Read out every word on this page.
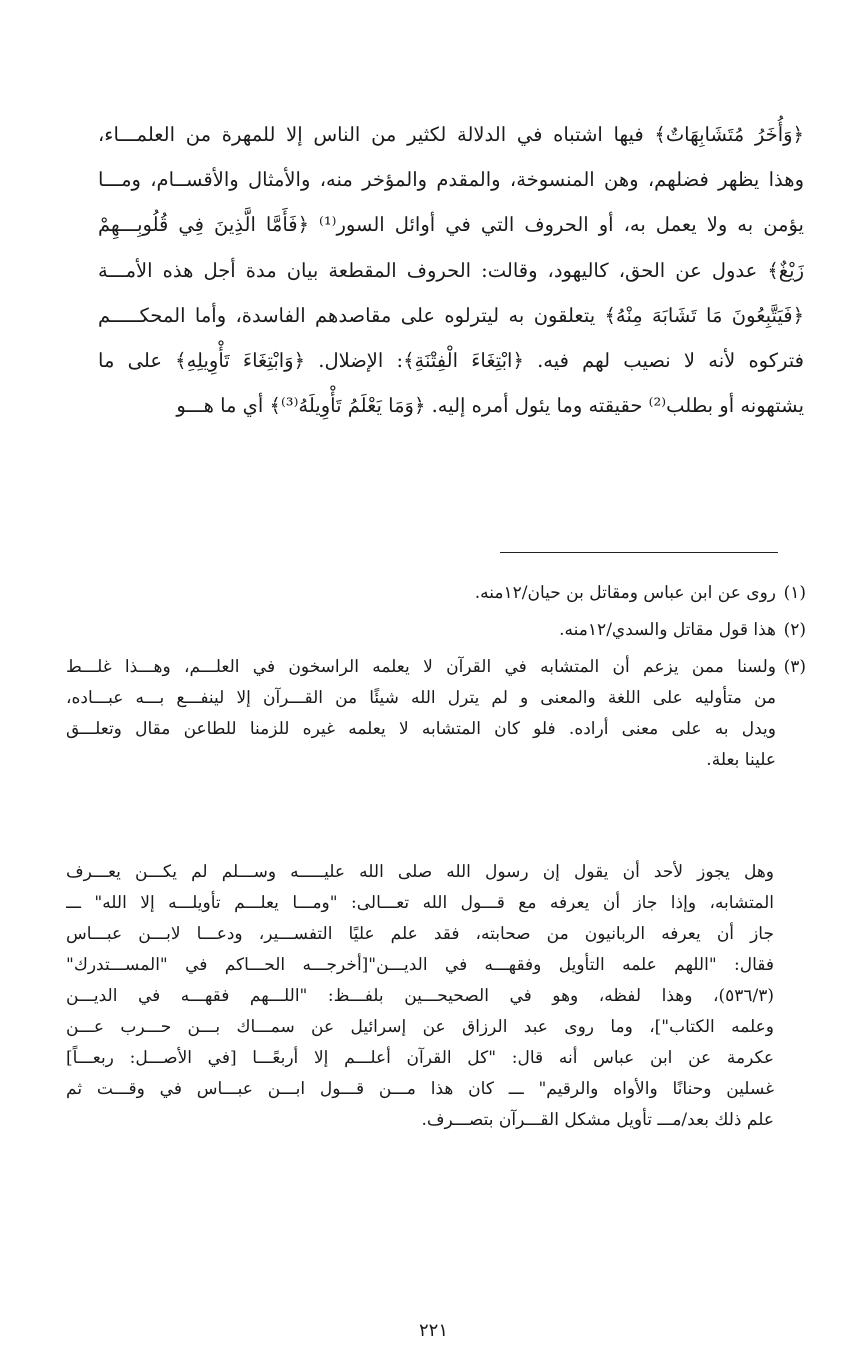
﴿وَأُخَرُ مُتَشَابِهَاتٌ﴾ فيها اشتباه في الدلالة لكثير من الناس إلا للمهرة من العلمـــاء،
وهذا يظهر فضلهم، وهن المنسوخة، والمقدم والمؤخر منه، والأمثال والأقســام، ومـــا
يؤمن به ولا يعمل به، أو الحروف التي في أوائل السور⁽¹⁾ ﴿فَأَمَّا الَّذِينَ فِي قُلُوبِـــهِمْ
زَيْغٌ﴾ عدول عن الحق، كاليهود، وقالت: الحروف المقطعة بيان مدة أجل هذه الأمـــة
﴿فَيَتَّبِعُونَ مَا تَشَابَهَ مِنْهُ﴾ يتعلقون به ليترلوه على مقاصدهم الفاسدة، وأما المحكـــــم
فتركوه لأنه لا نصيب لهم فيه. ﴿ابْتِغَاءَ الْفِتْنَةِ﴾: الإضلال. ﴿وَابْتِغَاءَ تَأْوِيلِهِ﴾ على ما
يشتهونه أو بطلب⁽²⁾ حقيقته وما يئول أمره إليه. ﴿وَمَا يَعْلَمُ تَأْوِيلَهُ⁽³⁾﴾ أي ما هـــو
(١)روى عن ابن عباس ومقاتل بن حيان/١٢منه.
(٢)هذا قول مقاتل والسدي/١٢منه.
(٣)ولسنا ممن يزعم أن المتشابه في القرآن لا يعلمه الراسخون في العلـــم، وهـــذا غلـــط
من متأوليه على اللغة والمعنى و لم يترل الله شيئًا من القـــرآن إلا لينفـــع بـــه عبـــاده،
ويدل به على معنى أراده. فلو كان المتشابه لا يعلمه غيره للزمنا للطاعن مقال وتعلـــق
علينا بعلة.
وهل يجوز لأحد أن يقول إن رسول الله صلى الله عليـــــه وســـلم لم يكـــن يعـــرف
المتشابه، وإذا جاز أن يعرفه مع قـــول الله تعـــالى: "ومـــا يعلـــم تأويلـــه إلا الله" ـــ
جاز أن يعرفه الربانيون من صحابته، فقد علم عليًا التفســـير، ودعـــا لابـــن عبـــاس
فقال: "اللهم علمه التأويل وفقهـــه في الديـــن"[أخرجـــه الحـــاكم في "المســـتدرك"
(٥٣٦/٣)، وهذا لفظه، وهو في الصحيحـــين بلفـــظ: "اللـــهم فقهـــه في الديـــن
وعلمه الكتاب"]، وما روى عبد الرزاق عن إسرائيل عن سمـــاك بـــن حـــرب عـــن
عكرمة عن ابن عباس أنه قال: "كل القرآن أعلـــم إلا أربعًـــا [في الأصـــل: ربعـــاً]
غسلين وحنانًا والأواه والرقيم" ـــ كان هذا مـــن قـــول ابـــن عبـــاس في وقـــت ثم
علم ذلك بعد/مـــ تأويل مشكل القـــرآن بتصـــرف.
٢٢١
